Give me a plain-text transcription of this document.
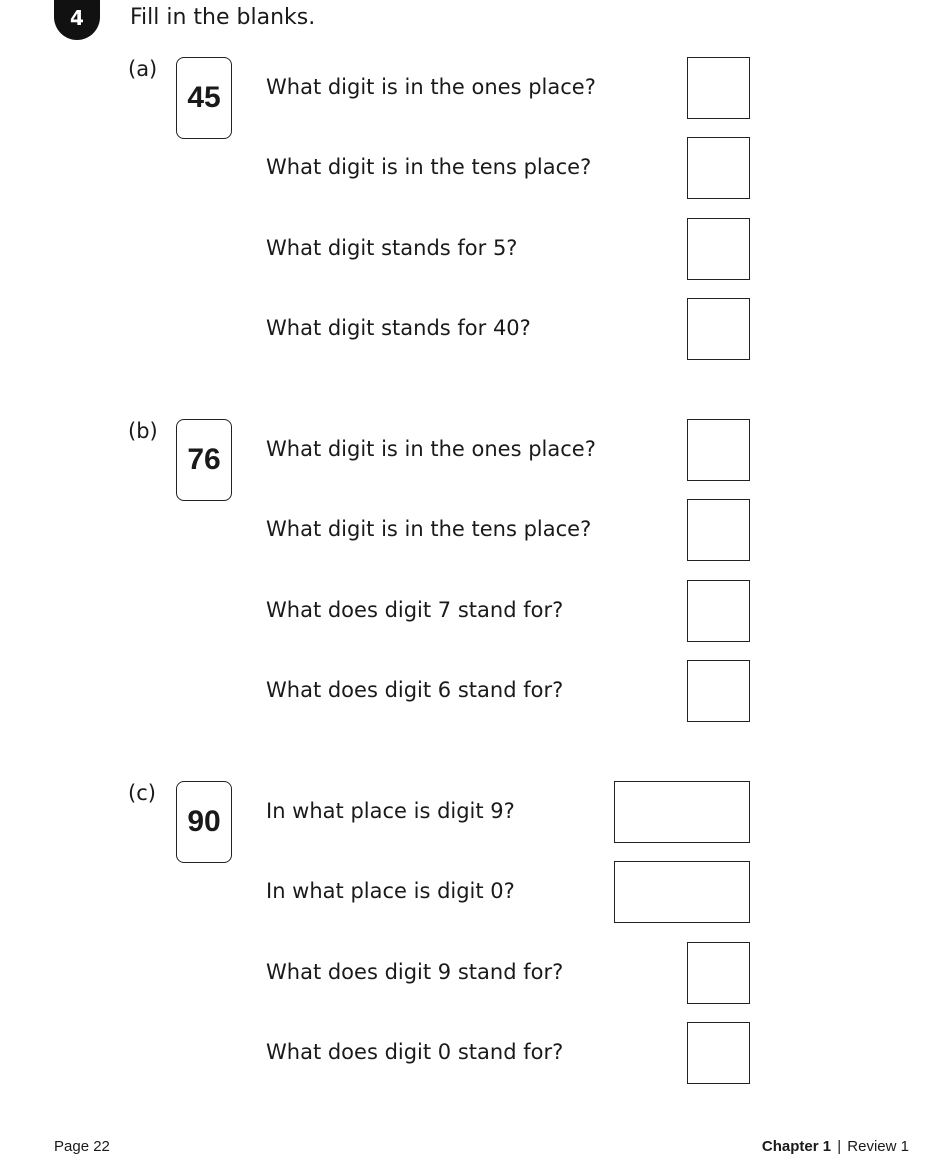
4 Fill in the blanks.
(a)
45	What digit is in the ones place?
What digit is in the tens place?
What digit stands for 5?
What digit stands for 40?
(b)
76	What digit is in the ones place?
What digit is in the tens place?
What does digit 7 stand for?
What does digit 6 stand for?
(c)
90	In what place is digit 9?
In what place is digit 0?
What does digit 9 stand for?
What does digit 0 stand for?
Page 22	Chapter 1 | Review 1
